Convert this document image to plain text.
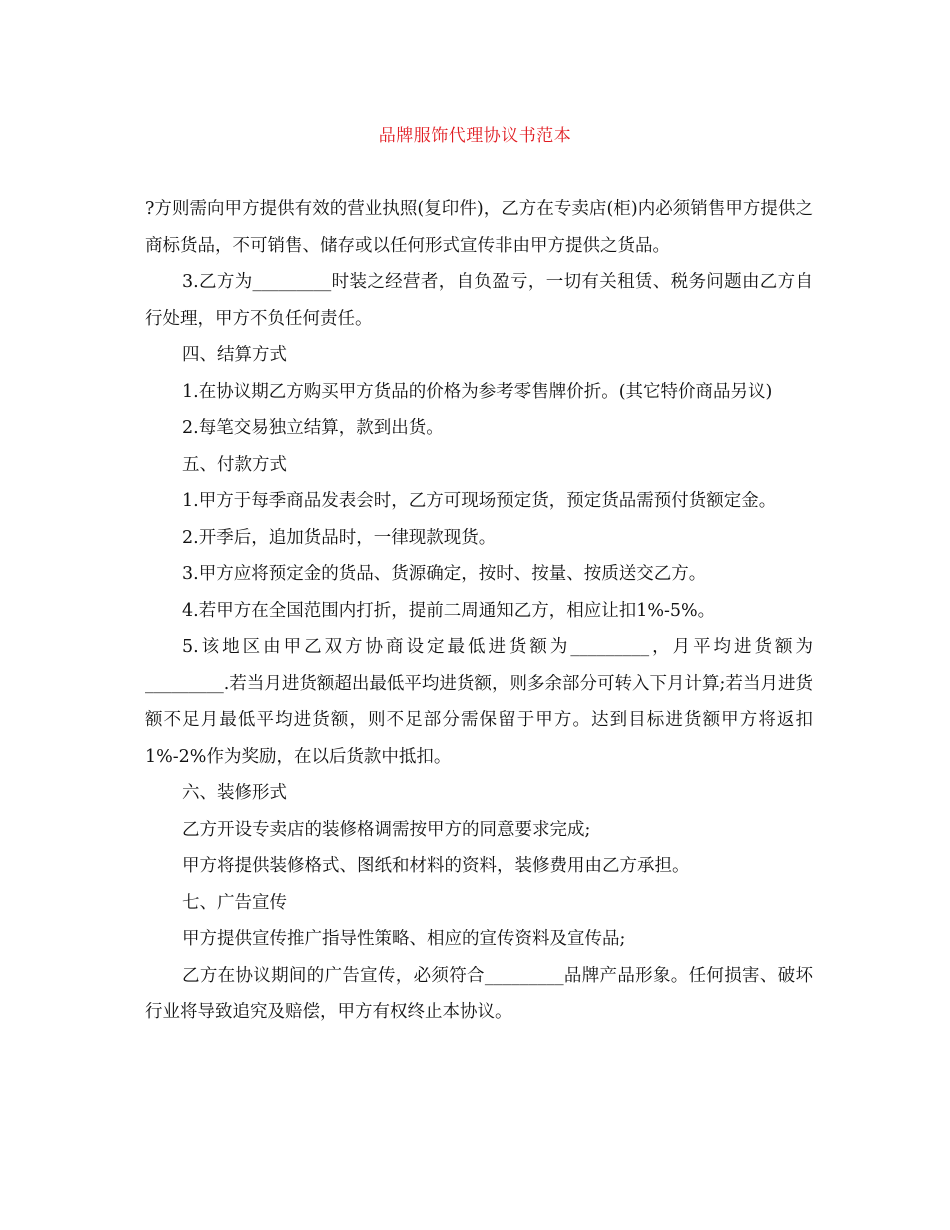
品牌服饰代理协议书范本

?方则需向甲方提供有效的营业执照(复印件)，乙方在专卖店(柜)内必须销售甲方提供之商标货品，不可销售、储存或以任何形式宣传非由甲方提供之货品。

3.乙方为_________时装之经营者，自负盈亏，一切有关租赁、税务问题由乙方自行处理，甲方不负任何责任。

四、结算方式

1.在协议期乙方购买甲方货品的价格为参考零售牌价折。(其它特价商品另议)

2.每笔交易独立结算，款到出货。

五、付款方式

1.甲方于每季商品发表会时，乙方可现场预定货，预定货品需预付货额定金。

2.开季后，追加货品时，一律现款现货。

3.甲方应将预定金的货品、货源确定，按时、按量、按质送交乙方。

4.若甲方在全国范围内打折，提前二周通知乙方，相应让扣1%-5%。

5.该地区由甲乙双方协商设定最低进货额为_________，月平均进货额为_________.若当月进货额超出最低平均进货额，则多余部分可转入下月计算;若当月进货额不足月最低平均进货额，则不足部分需保留于甲方。达到目标进货额甲方将返扣1%-2%作为奖励，在以后货款中抵扣。

六、装修形式

乙方开设专卖店的装修格调需按甲方的同意要求完成;

甲方将提供装修格式、图纸和材料的资料，装修费用由乙方承担。

七、广告宣传

甲方提供宣传推广指导性策略、相应的宣传资料及宣传品;

乙方在协议期间的广告宣传，必须符合_________品牌产品形象。任何损害、破坏行业将导致追究及赔偿，甲方有权终止本协议。
